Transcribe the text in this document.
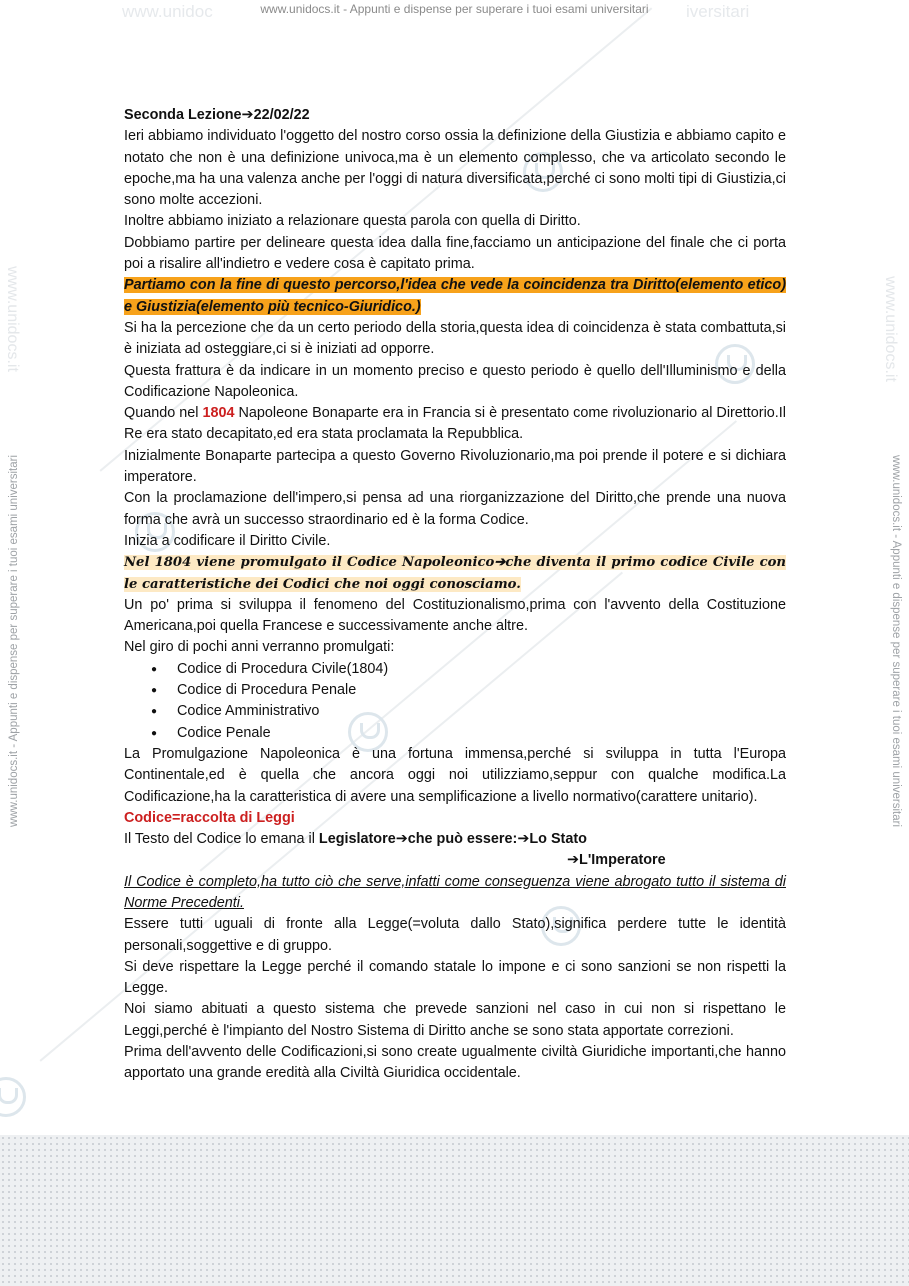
www.unidoc	iversitari
www.unidocs.it - Appunti e dispense per superare i tuoi esami universitari
www.unidocs.it	www.unidocs.it
www.unidocs.it - Appunti e dispense per superare i tuoi esami universitari	www.unidocs.it - Appunti e dispense per superare i tuoi esami universitari

Seconda Lezione➔22/02/22

Ieri abbiamo individuato l'oggetto del nostro corso ossia la definizione della Giustizia e abbiamo capito e notato che non è una definizione univoca,ma è un elemento complesso, che va articolato secondo le epoche,ma ha una valenza anche per l'oggi di natura diversificata,perché ci sono molti tipi di Giustizia,ci sono molte accezioni.

Inoltre abbiamo iniziato a relazionare questa parola con quella di Diritto.

Dobbiamo partire per delineare questa idea dalla fine,facciamo un anticipazione del finale che ci porta poi a risalire all'indietro e vedere cosa è capitato prima.

Partiamo con la fine di questo percorso,l'idea che vede la coincidenza tra Diritto(elemento etico) e Giustizia(elemento più tecnico-Giuridico.)

Si ha la percezione che da un certo periodo della storia,questa idea di coincidenza è stata combattuta,si è iniziata ad osteggiare,ci si è iniziati ad opporre.

Questa frattura è da indicare in un momento preciso e questo periodo è quello dell'Illuminismo e della Codificazione Napoleonica.

Quando nel 1804 Napoleone Bonaparte era in Francia si è presentato come rivoluzionario al Direttorio.Il Re era stato decapitato,ed era stata proclamata la Repubblica.

Inizialmente Bonaparte partecipa a questo Governo Rivoluzionario,ma poi prende il potere e si dichiara imperatore.

Con la proclamazione dell'impero,si pensa ad una riorganizzazione del Diritto,che prende una nuova forma che avrà un successo straordinario ed è la forma Codice.

Inizia a codificare il Diritto Civile.

Nel 1804 viene promulgato il Codice Napoleonico➔che diventa il primo codice Civile con le caratteristiche dei Codici che noi oggi conosciamo.

Un po' prima si sviluppa il fenomeno del Costituzionalismo,prima con l'avvento della Costituzione Americana,poi quella Francese e successivamente anche altre.

Nel giro di pochi anni verranno promulgati:

● Codice di Procedura Civile(1804)
● Codice di Procedura Penale
● Codice Amministrativo
● Codice Penale

La Promulgazione Napoleonica è una fortuna immensa,perché si sviluppa in tutta l'Europa Continentale,ed è quella che ancora oggi noi utilizziamo,seppur con qualche modifica.La Codificazione,ha la caratteristica di avere una semplificazione a livello normativo(carattere unitario).

Codice=raccolta di Leggi

Il Testo del Codice lo emana il Legislatore➔che può essere:➔Lo Stato

➔L'Imperatore

Il Codice è completo,ha tutto ciò che serve,infatti come conseguenza viene abrogato tutto il sistema di Norme Precedenti.

Essere tutti uguali di fronte alla Legge(=voluta dallo Stato),significa perdere tutte le identità personali,soggettive e di gruppo.

Si deve rispettare la Legge perché il comando statale lo impone e ci sono sanzioni se non rispetti la Legge.

Noi siamo abituati a questo sistema che prevede sanzioni nel caso in cui non si rispettano le Leggi,perché è l'impianto del Nostro Sistema di Diritto anche se sono stata apportate correzioni.

Prima dell'avvento delle Codificazioni,si sono create ugualmente civiltà Giuridiche importanti,che hanno apportato una grande eredità alla Civiltà Giuridica occidentale.
